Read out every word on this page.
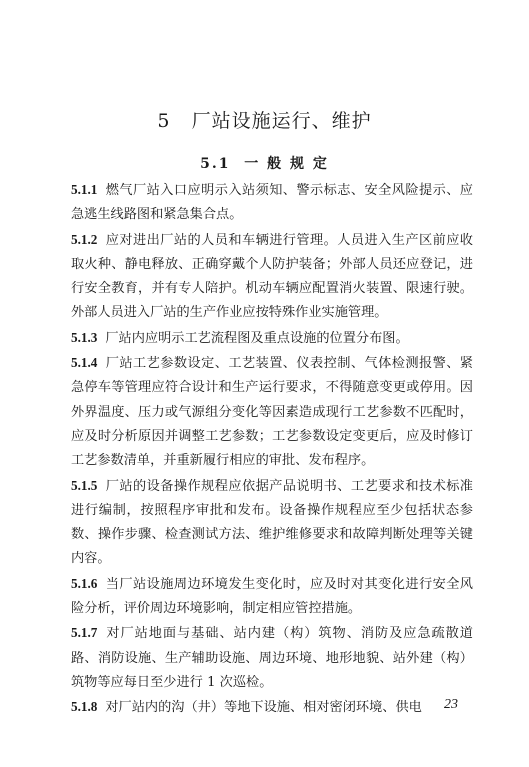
5   厂站设施运行、维护
5.1  一 般 规 定

5.1.1 燃气厂站入口应明示入站须知、警示标志、安全风险提示、应急逃生线路图和紧急集合点。

5.1.2 应对进出厂站的人员和车辆进行管理。人员进入生产区前应收取火种、静电释放、正确穿戴个人防护装备；外部人员还应登记，进行安全教育，并有专人陪护。机动车辆应配置消火装置、限速行驶。外部人员进入厂站的生产作业应按特殊作业实施管理。

5.1.3 厂站内应明示工艺流程图及重点设施的位置分布图。

5.1.4 厂站工艺参数设定、工艺装置、仪表控制、气体检测报警、紧急停车等管理应符合设计和生产运行要求，不得随意变更或停用。因外界温度、压力或气源组分变化等因素造成现行工艺参数不匹配时，应及时分析原因并调整工艺参数；工艺参数设定变更后，应及时修订工艺参数清单，并重新履行相应的审批、发布程序。

5.1.5 厂站的设备操作规程应依据产品说明书、工艺要求和技术标准进行编制，按照程序审批和发布。设备操作规程应至少包括状态参数、操作步骤、检查测试方法、维护维修要求和故障判断处理等关键内容。

5.1.6 当厂站设施周边环境发生变化时，应及时对其变化进行安全风险分析，评价周边环境影响，制定相应管控措施。

5.1.7 对厂站地面与基础、站内建（构）筑物、消防及应急疏散道路、消防设施、生产辅助设施、周边环境、地形地貌、站外建（构）筑物等应每日至少进行 1 次巡检。

5.1.8 对厂站内的沟（井）等地下设施、相对密闭环境、供电	23
